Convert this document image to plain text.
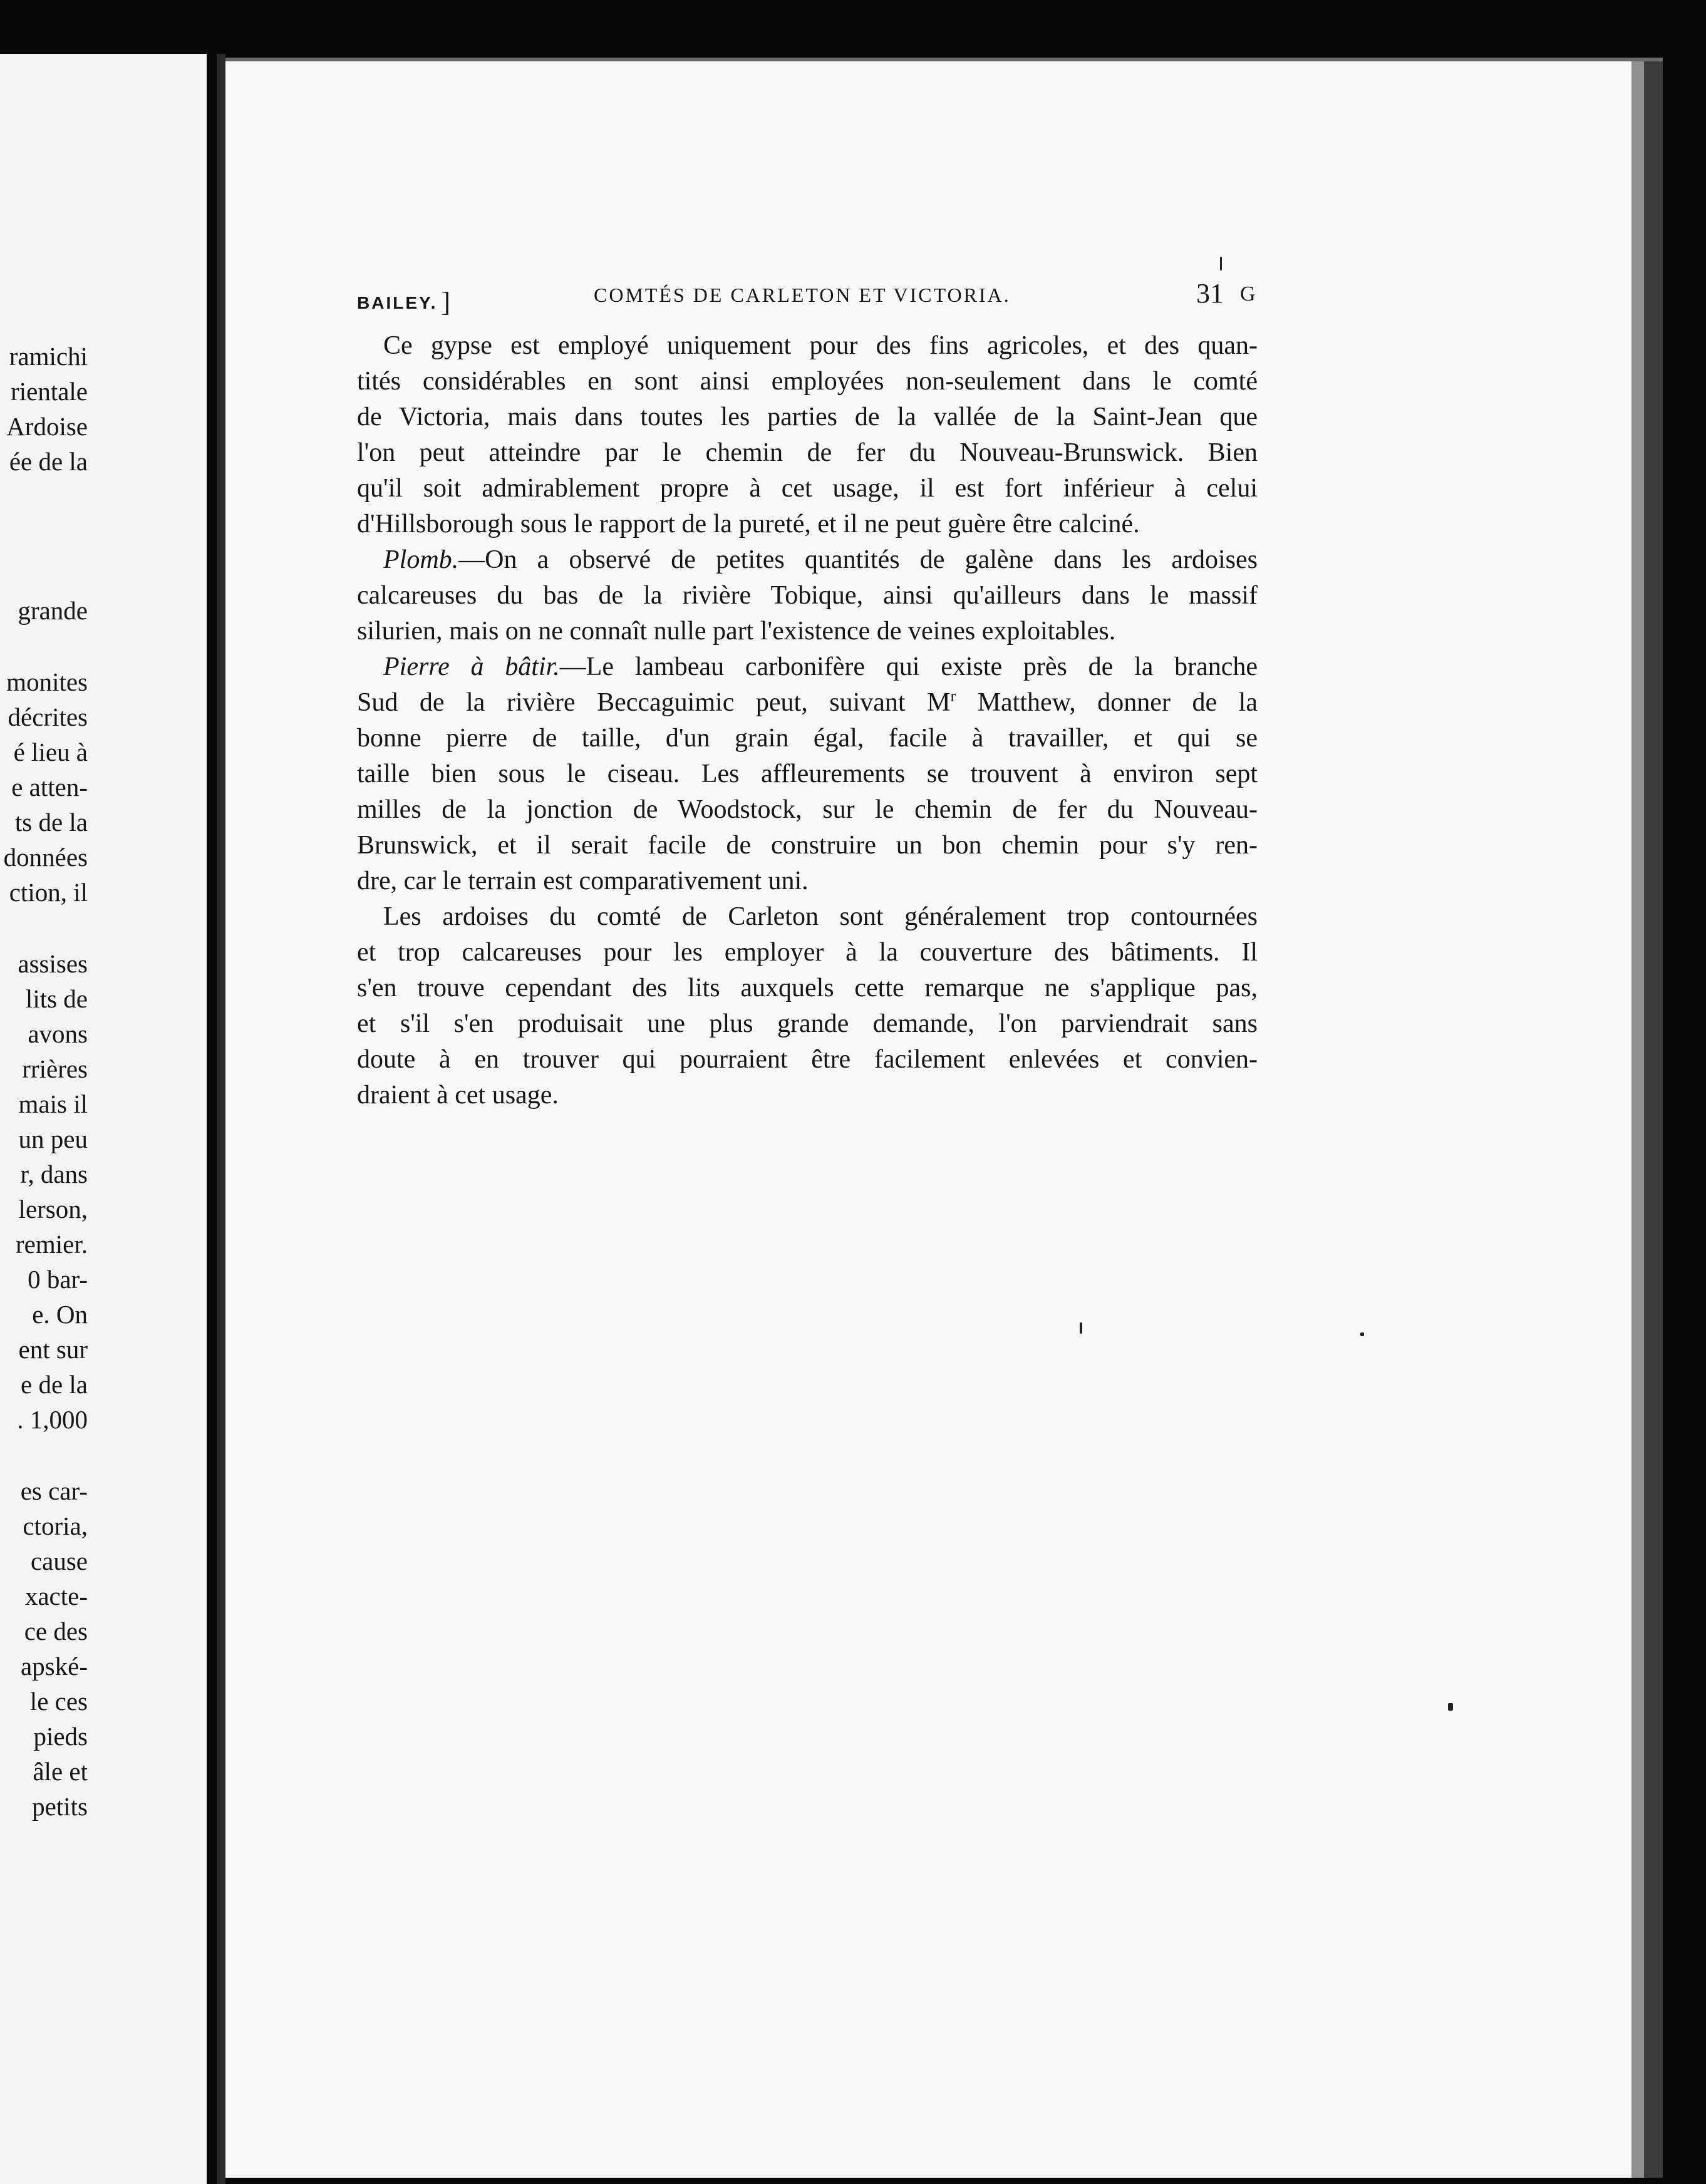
ramichi
rientale
Ardoise
ée de la
grande
monites
décrites
é lieu à
e atten-
ts de la
données
ction, il
assises
lits de
avons
rrières
mais il
un peu
r, dans
lerson,
remier.
0 bar-
e. On
ent sur
e de la
. 1,000
es car-
ctoria,
cause
xacte-
ce des
apské-
le ces
pieds
âle et
petits
BAILEY. ]	COMTÉS DE CARLETON ET VICTORIA.	31 G
Ce gypse est employé uniquement pour des fins agricoles, et des quan-
tités considérables en sont ainsi employées non-seulement dans le comté
de Victoria, mais dans toutes les parties de la vallée de la Saint-Jean que
l'on peut atteindre par le chemin de fer du Nouveau-Brunswick. Bien
qu'il soit admirablement propre à cet usage, il est fort inférieur à celui
d'Hillsborough sous le rapport de la pureté, et il ne peut guère être calciné.
Plomb.—On a observé de petites quantités de galène dans les ardoises
calcareuses du bas de la rivière Tobique, ainsi qu'ailleurs dans le massif
silurien, mais on ne connaît nulle part l'existence de veines exploitables.
Pierre à bâtir.—Le lambeau carbonifère qui existe près de la branche
Sud de la rivière Beccaguimic peut, suivant $M^r$ Matthew, donner de la
bonne pierre de taille, d'un grain égal, facile à travailler, et qui se
taille bien sous le ciseau. Les affleurements se trouvent à environ sept
milles de la jonction de Woodstock, sur le chemin de fer du Nouveau-
Brunswick, et il serait facile de construire un bon chemin pour s'y ren-
dre, car le terrain est comparativement uni.
Les ardoises du comté de Carleton sont généralement trop contournées
et trop calcareuses pour les employer à la couverture des bâtiments. Il
s'en trouve cependant des lits auxquels cette remarque ne s'applique pas,
et s'il s'en produisait une plus grande demande, l'on parviendrait sans
doute à en trouver qui pourraient être facilement enlevées et convien-
draient à cet usage.
